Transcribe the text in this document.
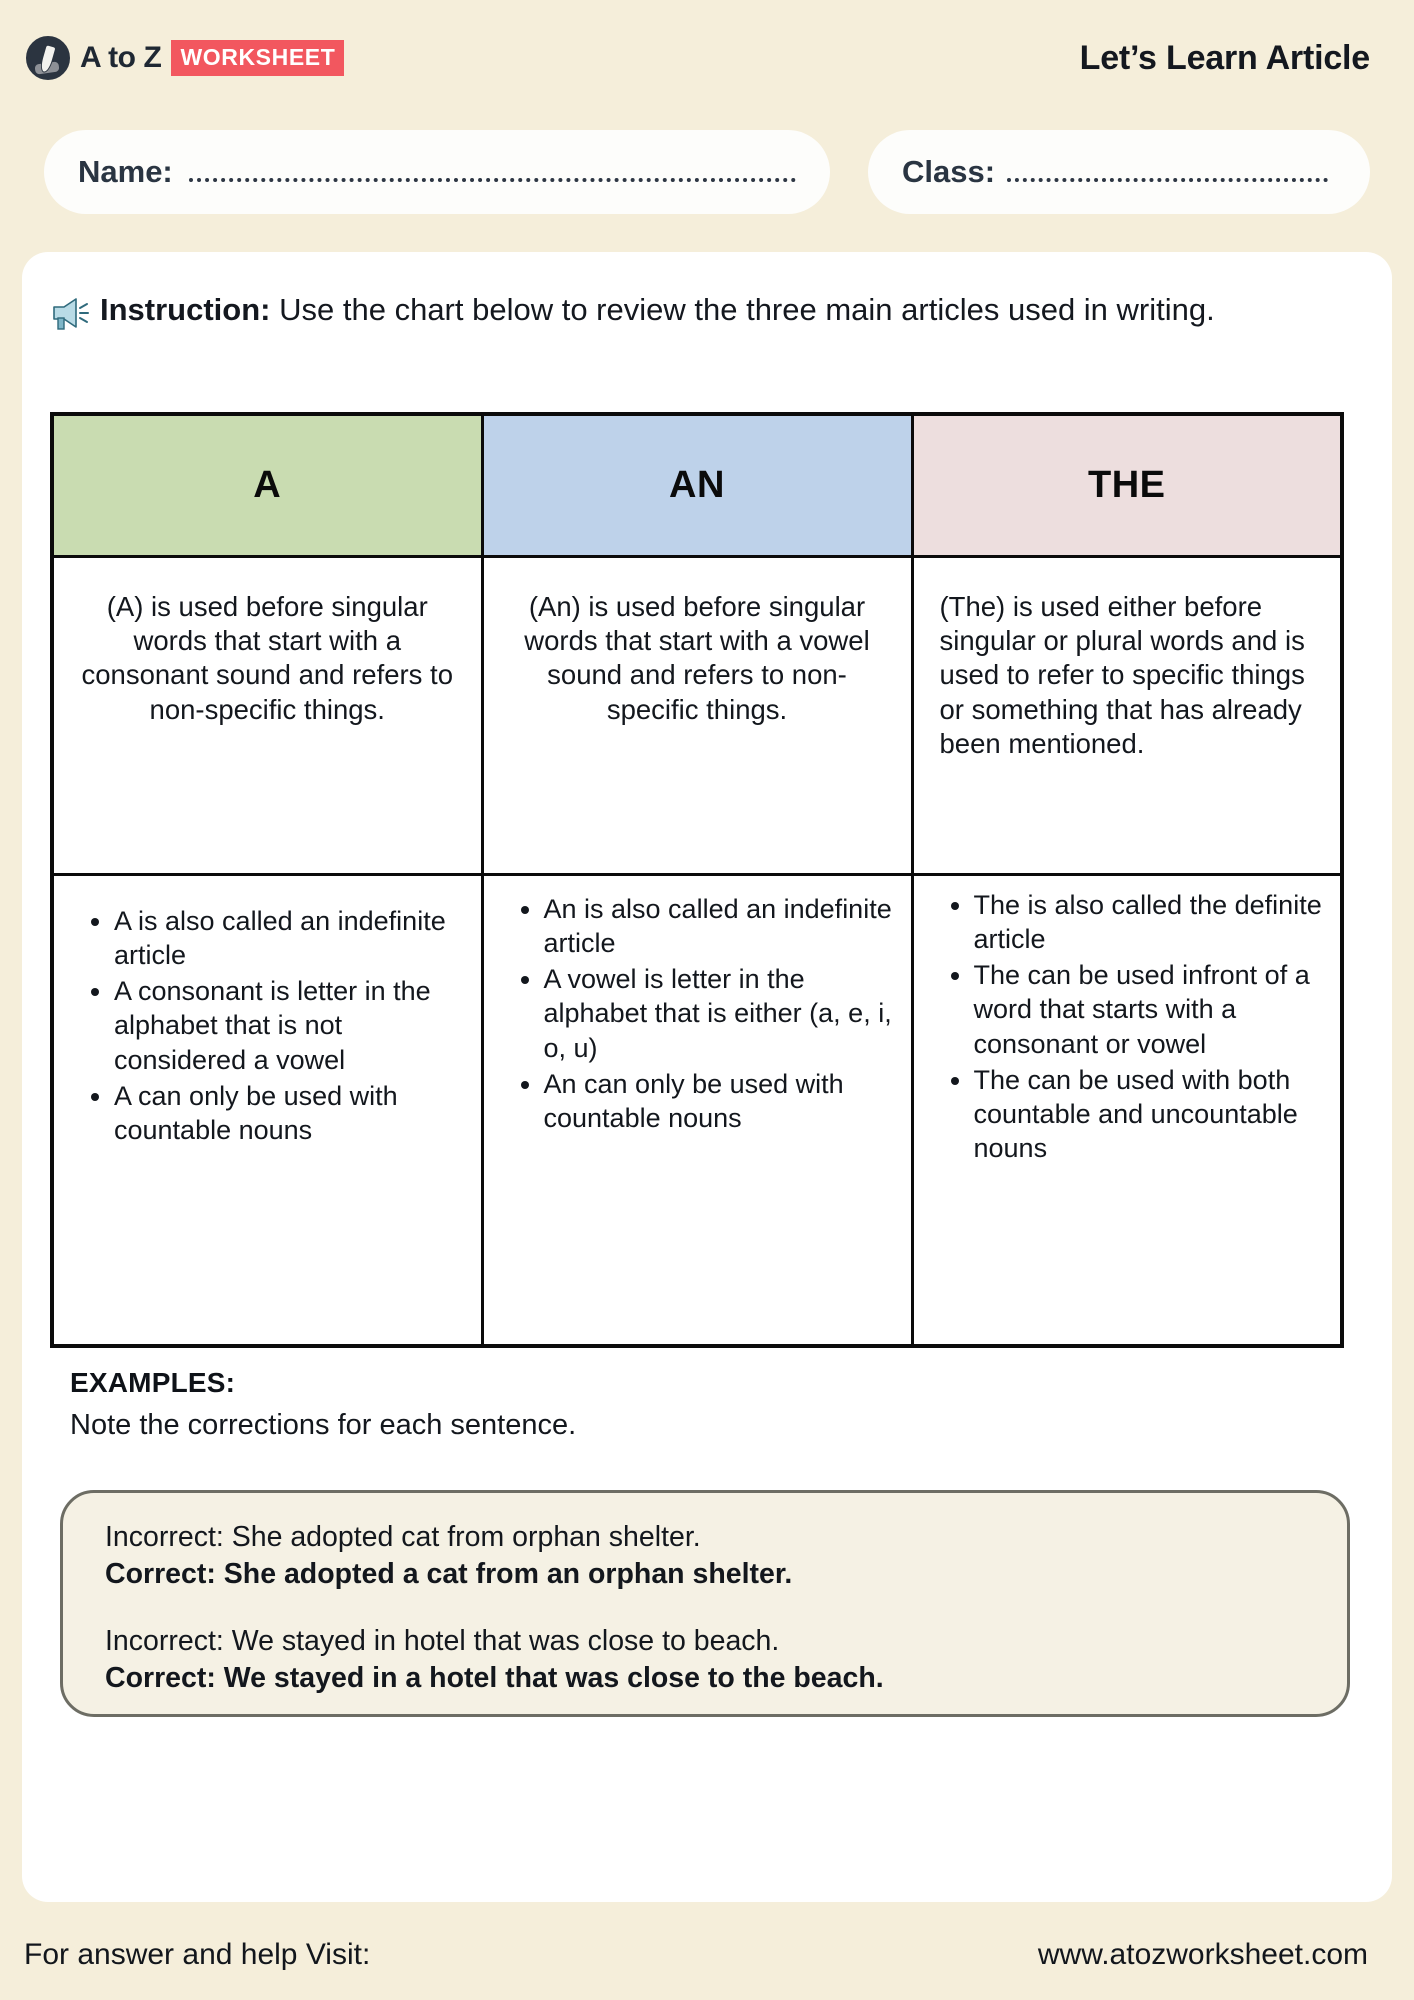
A to Z WORKSHEET	Let’s Learn Article
Name:	Class:
Instruction: Use the chart below to review the three main articles used in writing.
A	AN	THE
(A) is used before singular words that start with a consonant sound and refers to non-specific things.	(An) is used before singular words that start with a vowel sound and refers to non-specific things.	(The) is used either before singular or plural words and is used to refer to specific things or something that has already been mentioned.

• A is also called an indefinite article
• A consonant is letter in the alphabet that is not considered a vowel
• A can only be used with countable nouns

• An is also called an indefinite article
• A vowel is letter in the alphabet that is either (a, e, i, o, u)
• An can only be used with countable nouns

• The is also called the definite article
• The can be used infront of a word that starts with a consonant or vowel
• The can be used with both countable and uncountable nouns
EXAMPLES:
Note the corrections for each sentence.
Incorrect: She adopted cat from orphan shelter.
Correct: She adopted a cat from an orphan shelter.
Incorrect: We stayed in hotel that was close to beach.
Correct: We stayed in a hotel that was close to the beach.
For answer and help Visit:	www.atozworksheet.com
